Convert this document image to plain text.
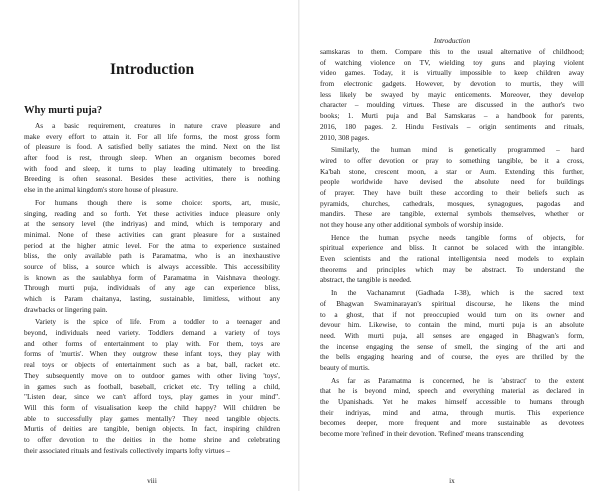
Introduction
Why murti puja?
As a basic requirement, creatures in nature crave pleasure and
make every effort to attain it. For all life forms, the most gross form
of pleasure is food. A satisfied belly satiates the mind. Next on the list
after food is rest, through sleep. When an organism becomes bored
with food and sleep, it turns to play leading ultimately to breeding.
Breeding is often seasonal. Besides these activities, there is nothing
else in the animal kingdom's store house of pleasure.
For humans though there is some choice: sports, art, music,
singing, reading and so forth. Yet these activities induce pleasure only
at the sensory level (the indriyas) and mind, which is temporary and
minimal. None of these activities can grant pleasure for a sustained
period at the higher atmic level. For the atma to experience sustained
bliss, the only available path is Paramatma, who is an inexhaustive
source of bliss, a source which is always accessible. This accessibility
is known as the saulabhya form of Paramatma in Vaishnava theology.
Through murti puja, individuals of any age can experience bliss,
which is Param chaitanya, lasting, sustainable, limitless, without any
drawbacks or lingering pain.
Variety is the spice of life. From a toddler to a teenager and
beyond, individuals need variety. Toddlers demand a variety of toys
and other forms of entertainment to play with. For them, toys are
forms of 'murtis'. When they outgrow these infant toys, they play with
real toys or objects of entertainment such as a bat, ball, racket etc.
They subsequently move on to outdoor games with other living 'toys',
in games such as football, baseball, cricket etc. Try telling a child,
"Listen dear, since we can't afford toys, play games in your mind".
Will this form of visualisation keep the child happy? Will children be
able to successfully play games mentally? They need tangible objects.
Murtis of deities are tangible, benign objects. In fact, inspiring children
to offer devotion to the deities in the home shrine and celebrating
their associated rituals and festivals collectively imparts lofty virtues –
viii
Introduction
samskaras to them. Compare this to the usual alternative of childhood;
of watching violence on TV, wielding toy guns and playing violent
video games. Today, it is virtually impossible to keep children away
from electronic gadgets. However, by devotion to murtis, they will
less likely be swayed by mayic enticements. Moreover, they develop
character – moulding virtues. These are discussed in the author's two
books; 1. Murti puja and Bal Samskaras – a handbook for parents,
2016, 180 pages. 2. Hindu Festivals – origin sentiments and rituals,
2010, 308 pages.
Similarly, the human mind is genetically programmed – hard
wired to offer devotion or pray to something tangible, be it a cross,
Ka'bah stone, crescent moon, a star or Aum. Extending this further,
people worldwide have devised the absolute need for buildings
of prayer. They have built these according to their beliefs such as
pyramids, churches, cathedrals, mosques, synagogues, pagodas and
mandirs. These are tangible, external symbols themselves, whether or
not they house any other additional symbols of worship inside.
Hence the human psyche needs tangible forms of objects, for
spiritual experience and bliss. It cannot be solaced with the intangible.
Even scientists and the rational intelligentsia need models to explain
theorems and principles which may be abstract. To understand the
abstract, the tangible is needed.
In the Vachanamrut (Gadhada I-38), which is the sacred text
of Bhagwan Swaminarayan's spiritual discourse, he likens the mind
to a ghost, that if not preoccupied would turn on its owner and
devour him. Likewise, to contain the mind, murti puja is an absolute
need. With murti puja, all senses are engaged in Bhagwan's form,
the incense engaging the sense of smell, the singing of the arti and
the bells engaging hearing and of course, the eyes are thrilled by the
beauty of murtis.
As far as Paramatma is concerned, he is 'abstract' to the extent
that he is beyond mind, speech and everything material as declared in
the Upanishads. Yet he makes himself accessible to humans through
their indriyas, mind and atma, through murtis. This experience
becomes deeper, more frequent and more sustainable as devotees
become more 'refined' in their devotion. 'Refined' means transcending
ix
